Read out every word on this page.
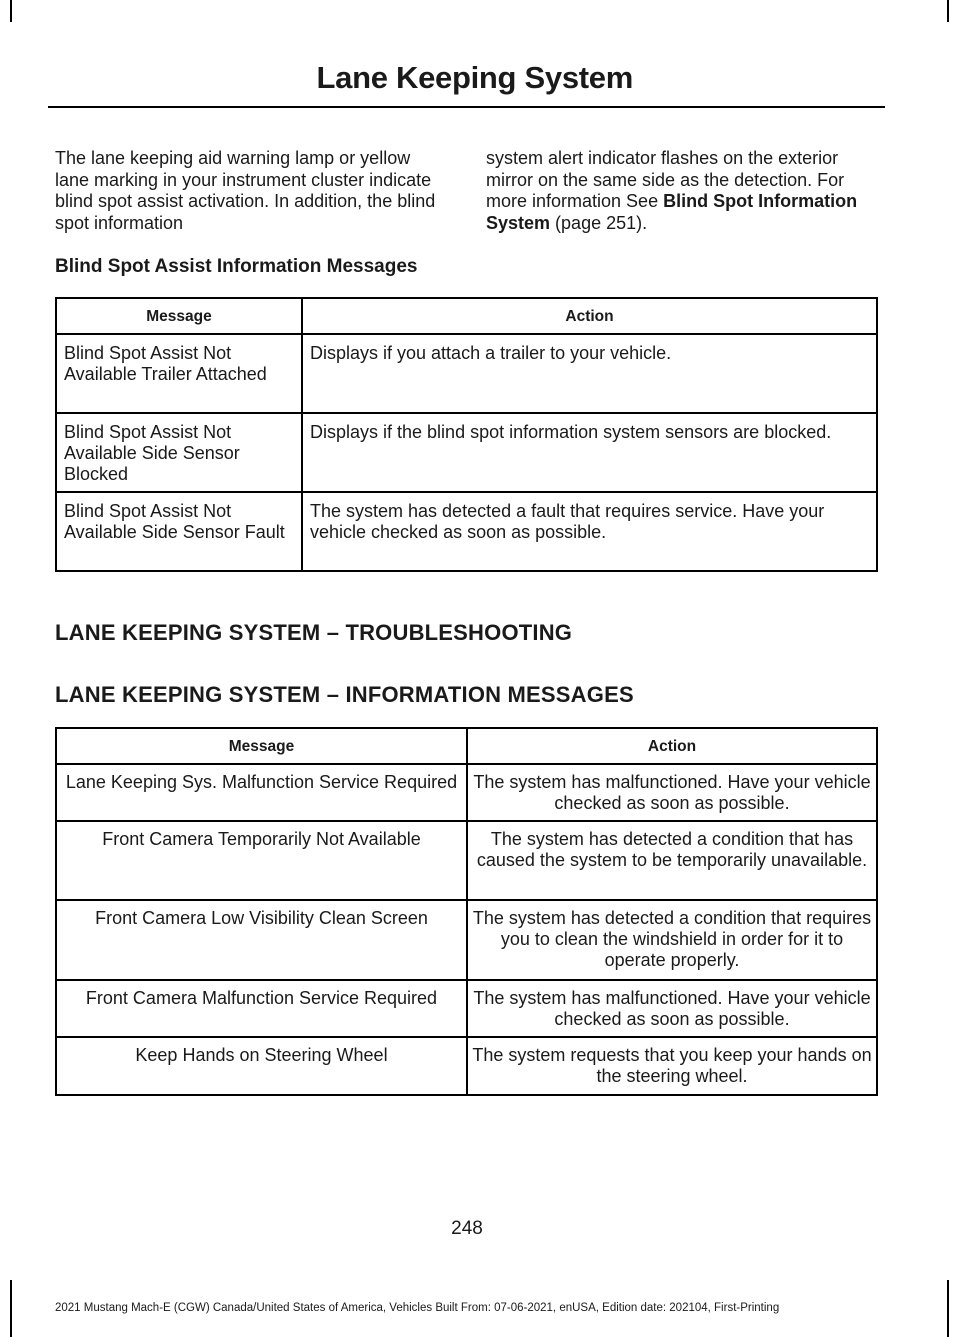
Lane Keeping System
The lane keeping aid warning lamp or yellow lane marking in your instrument cluster indicate blind spot assist activation. In addition, the blind spot information
system alert indicator flashes on the exterior mirror on the same side as the detection. For more information See Blind Spot Information System (page 251).
Blind Spot Assist Information Messages
Message	Action
Blind Spot Assist Not Available Trailer Attached	Displays if you attach a trailer to your vehicle.
Blind Spot Assist Not Available Side Sensor Blocked	Displays if the blind spot information system sensors are blocked.
Blind Spot Assist Not Available Side Sensor Fault	The system has detected a fault that requires service. Have your vehicle checked as soon as possible.
LANE KEEPING SYSTEM – TROUBLESHOOTING
LANE KEEPING SYSTEM – INFORMATION MESSAGES
Message	Action
Lane Keeping Sys. Malfunction Service Required	The system has malfunctioned. Have your vehicle checked as soon as possible.
Front Camera Temporarily Not Available	The system has detected a condition that has caused the system to be temporarily unavailable.
Front Camera Low Visibility Clean Screen	The system has detected a condition that requires you to clean the windshield in order for it to operate properly.
Front Camera Malfunction Service Required	The system has malfunctioned. Have your vehicle checked as soon as possible.
Keep Hands on Steering Wheel	The system requests that you keep your hands on the steering wheel.
248
2021 Mustang Mach-E (CGW) Canada/United States of America, Vehicles Built From: 07-06-2021, enUSA, Edition date: 202104, First-Printing
